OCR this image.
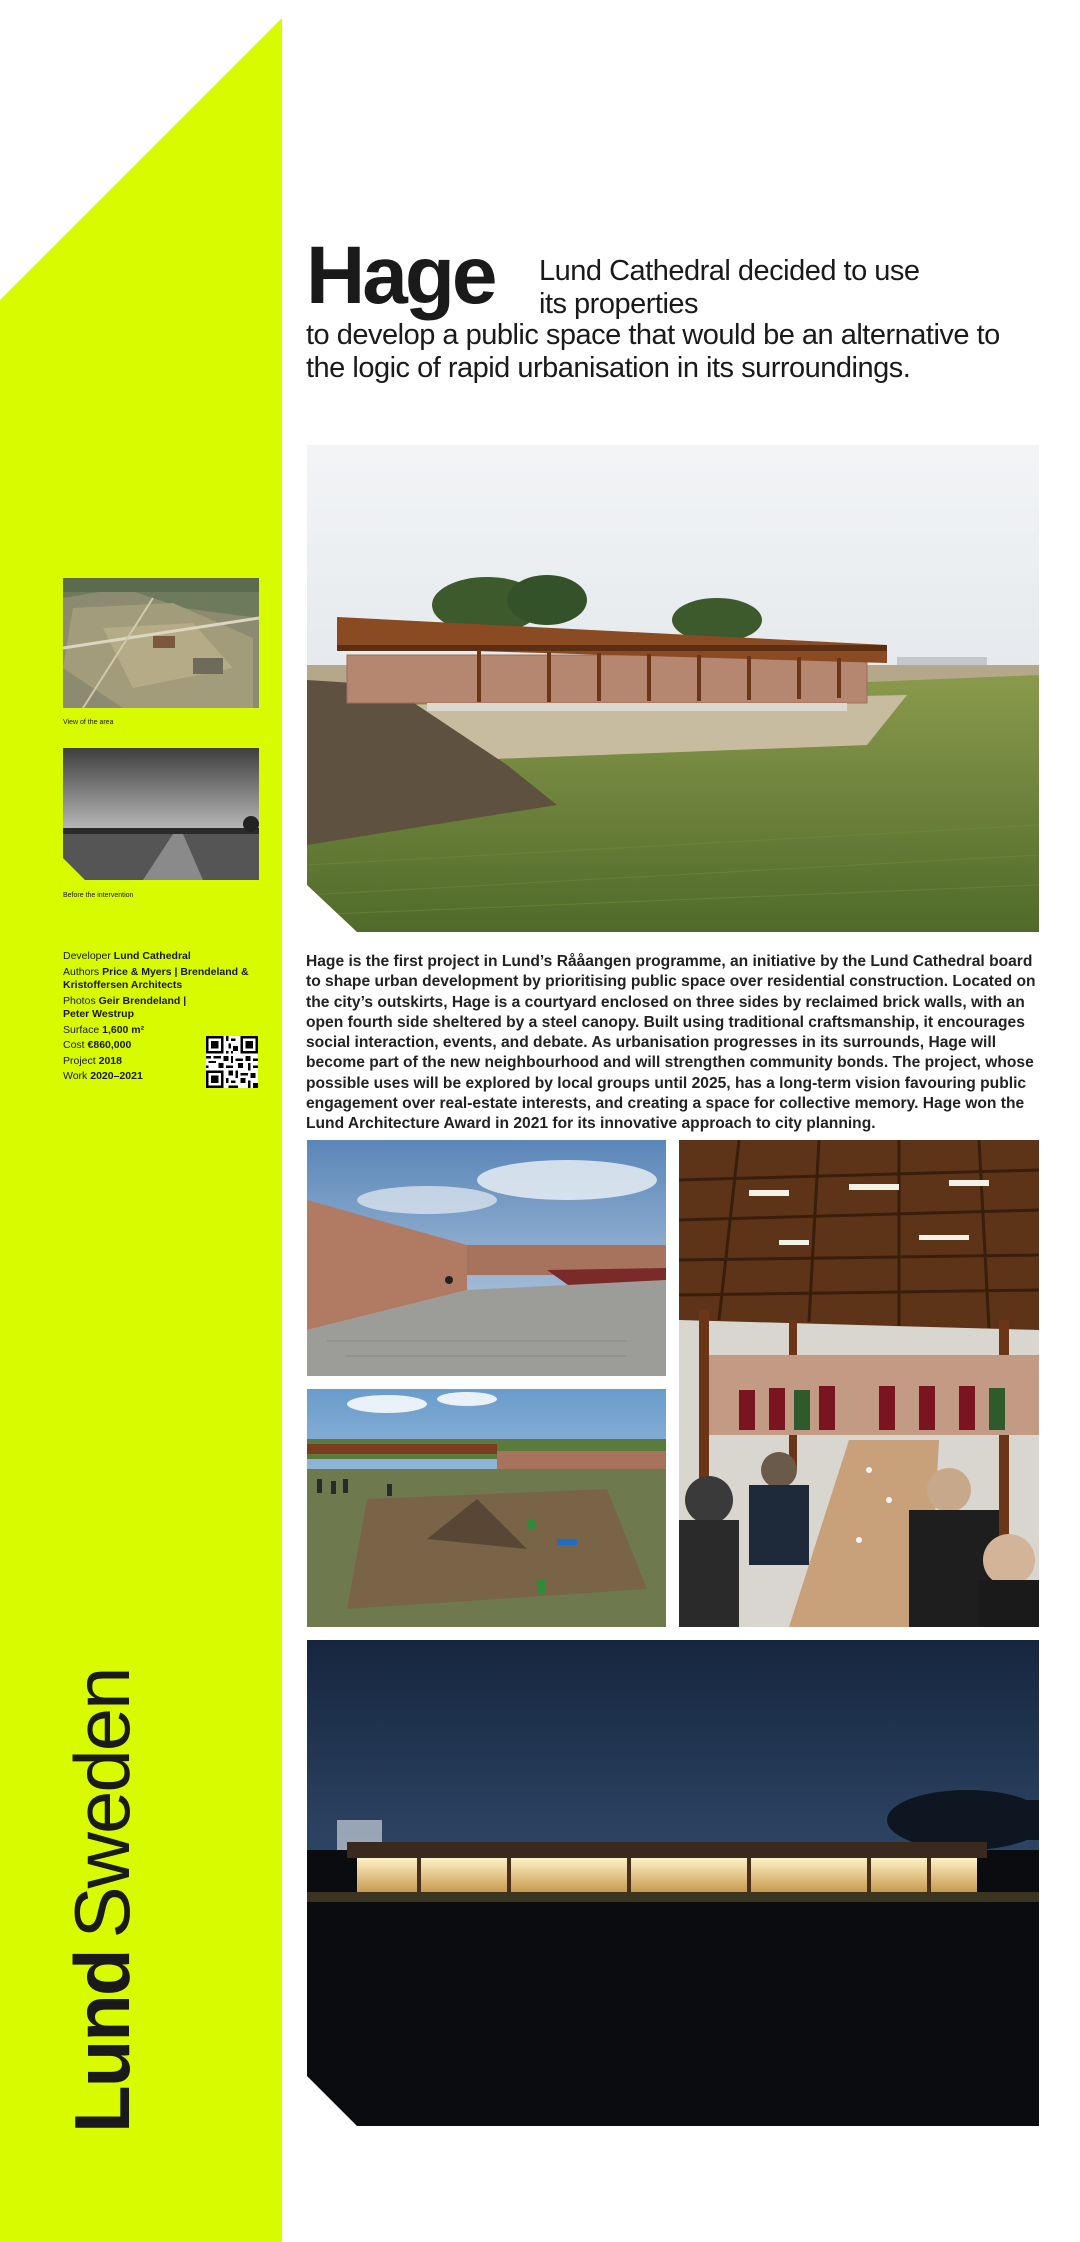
View of the area
Before the intervention
Developer Lund Cathedral
Authors Price & Myers | Brendeland & Kristoffersen Architects
Photos Geir Brendeland | Peter Westrup
Surface 1,600 m²
Cost €860,000
Project 2018
Work 2020–2021
LundSweden
Hage Lund Cathedral decided to use its properties
to develop a public space that would be an alternative to the logic of rapid urbanisation in its surroundings.
Hage is the first project in Lund’s Rååangen programme, an initiative by the Lund Cathedral board to shape urban development by prioritising public space over residential construction. Located on the city’s outskirts, Hage is a courtyard enclosed on three sides by reclaimed brick walls, with an open fourth side sheltered by a steel canopy. Built using traditional craftsmanship, it encourages social interaction, events, and debate. As urbanisation progresses in its surrounds, Hage will become part of the new neighbourhood and will strengthen community bonds. The project, whose possible uses will be explored by local groups until 2025, has a long-term vision favouring public engagement over real-estate interests, and creating a space for collective memory. Hage won the Lund Architecture Award in 2021 for its innovative approach to city planning.
